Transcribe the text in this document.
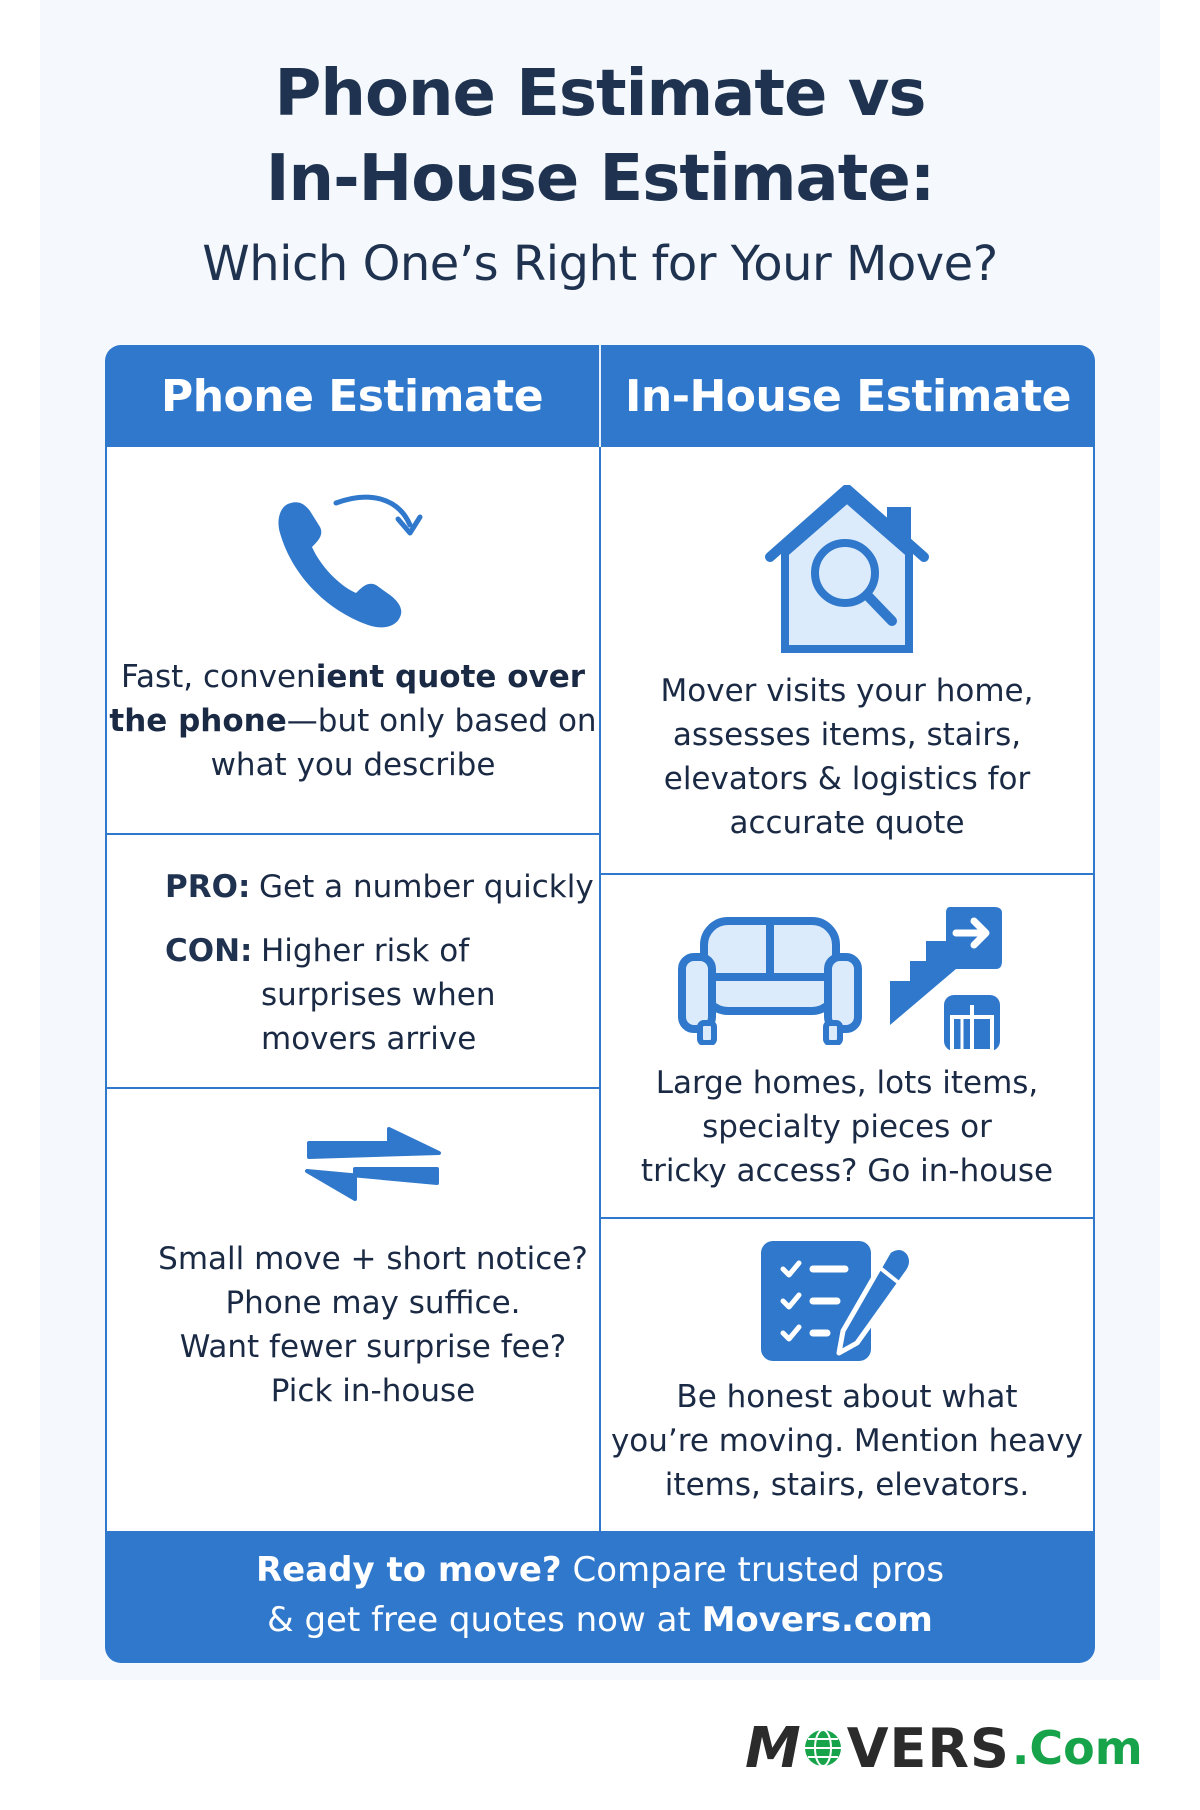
Phone Estimate vs
In-House Estimate:
Which One’s Right for Your Move?
Phone Estimate	In-House Estimate
Fast, convenient quote over the phone—but only based on what you describe
PRO: Get a number quickly
CON: Higher risk of
surprises when
movers arrive
Small move + short notice?
Phone may suffice.
Want fewer surprise fee?
Pick in-house
Mover visits your home,
assesses items, stairs,
elevators & logistics for
accurate quote
Large homes, lots items,
specialty pieces or
tricky access? Go in-house
Be honest about what
you’re moving. Mention heavy
items, stairs, elevators.
Ready to move? Compare trusted pros
& get free quotes now at Movers.com
M VERS .Com
